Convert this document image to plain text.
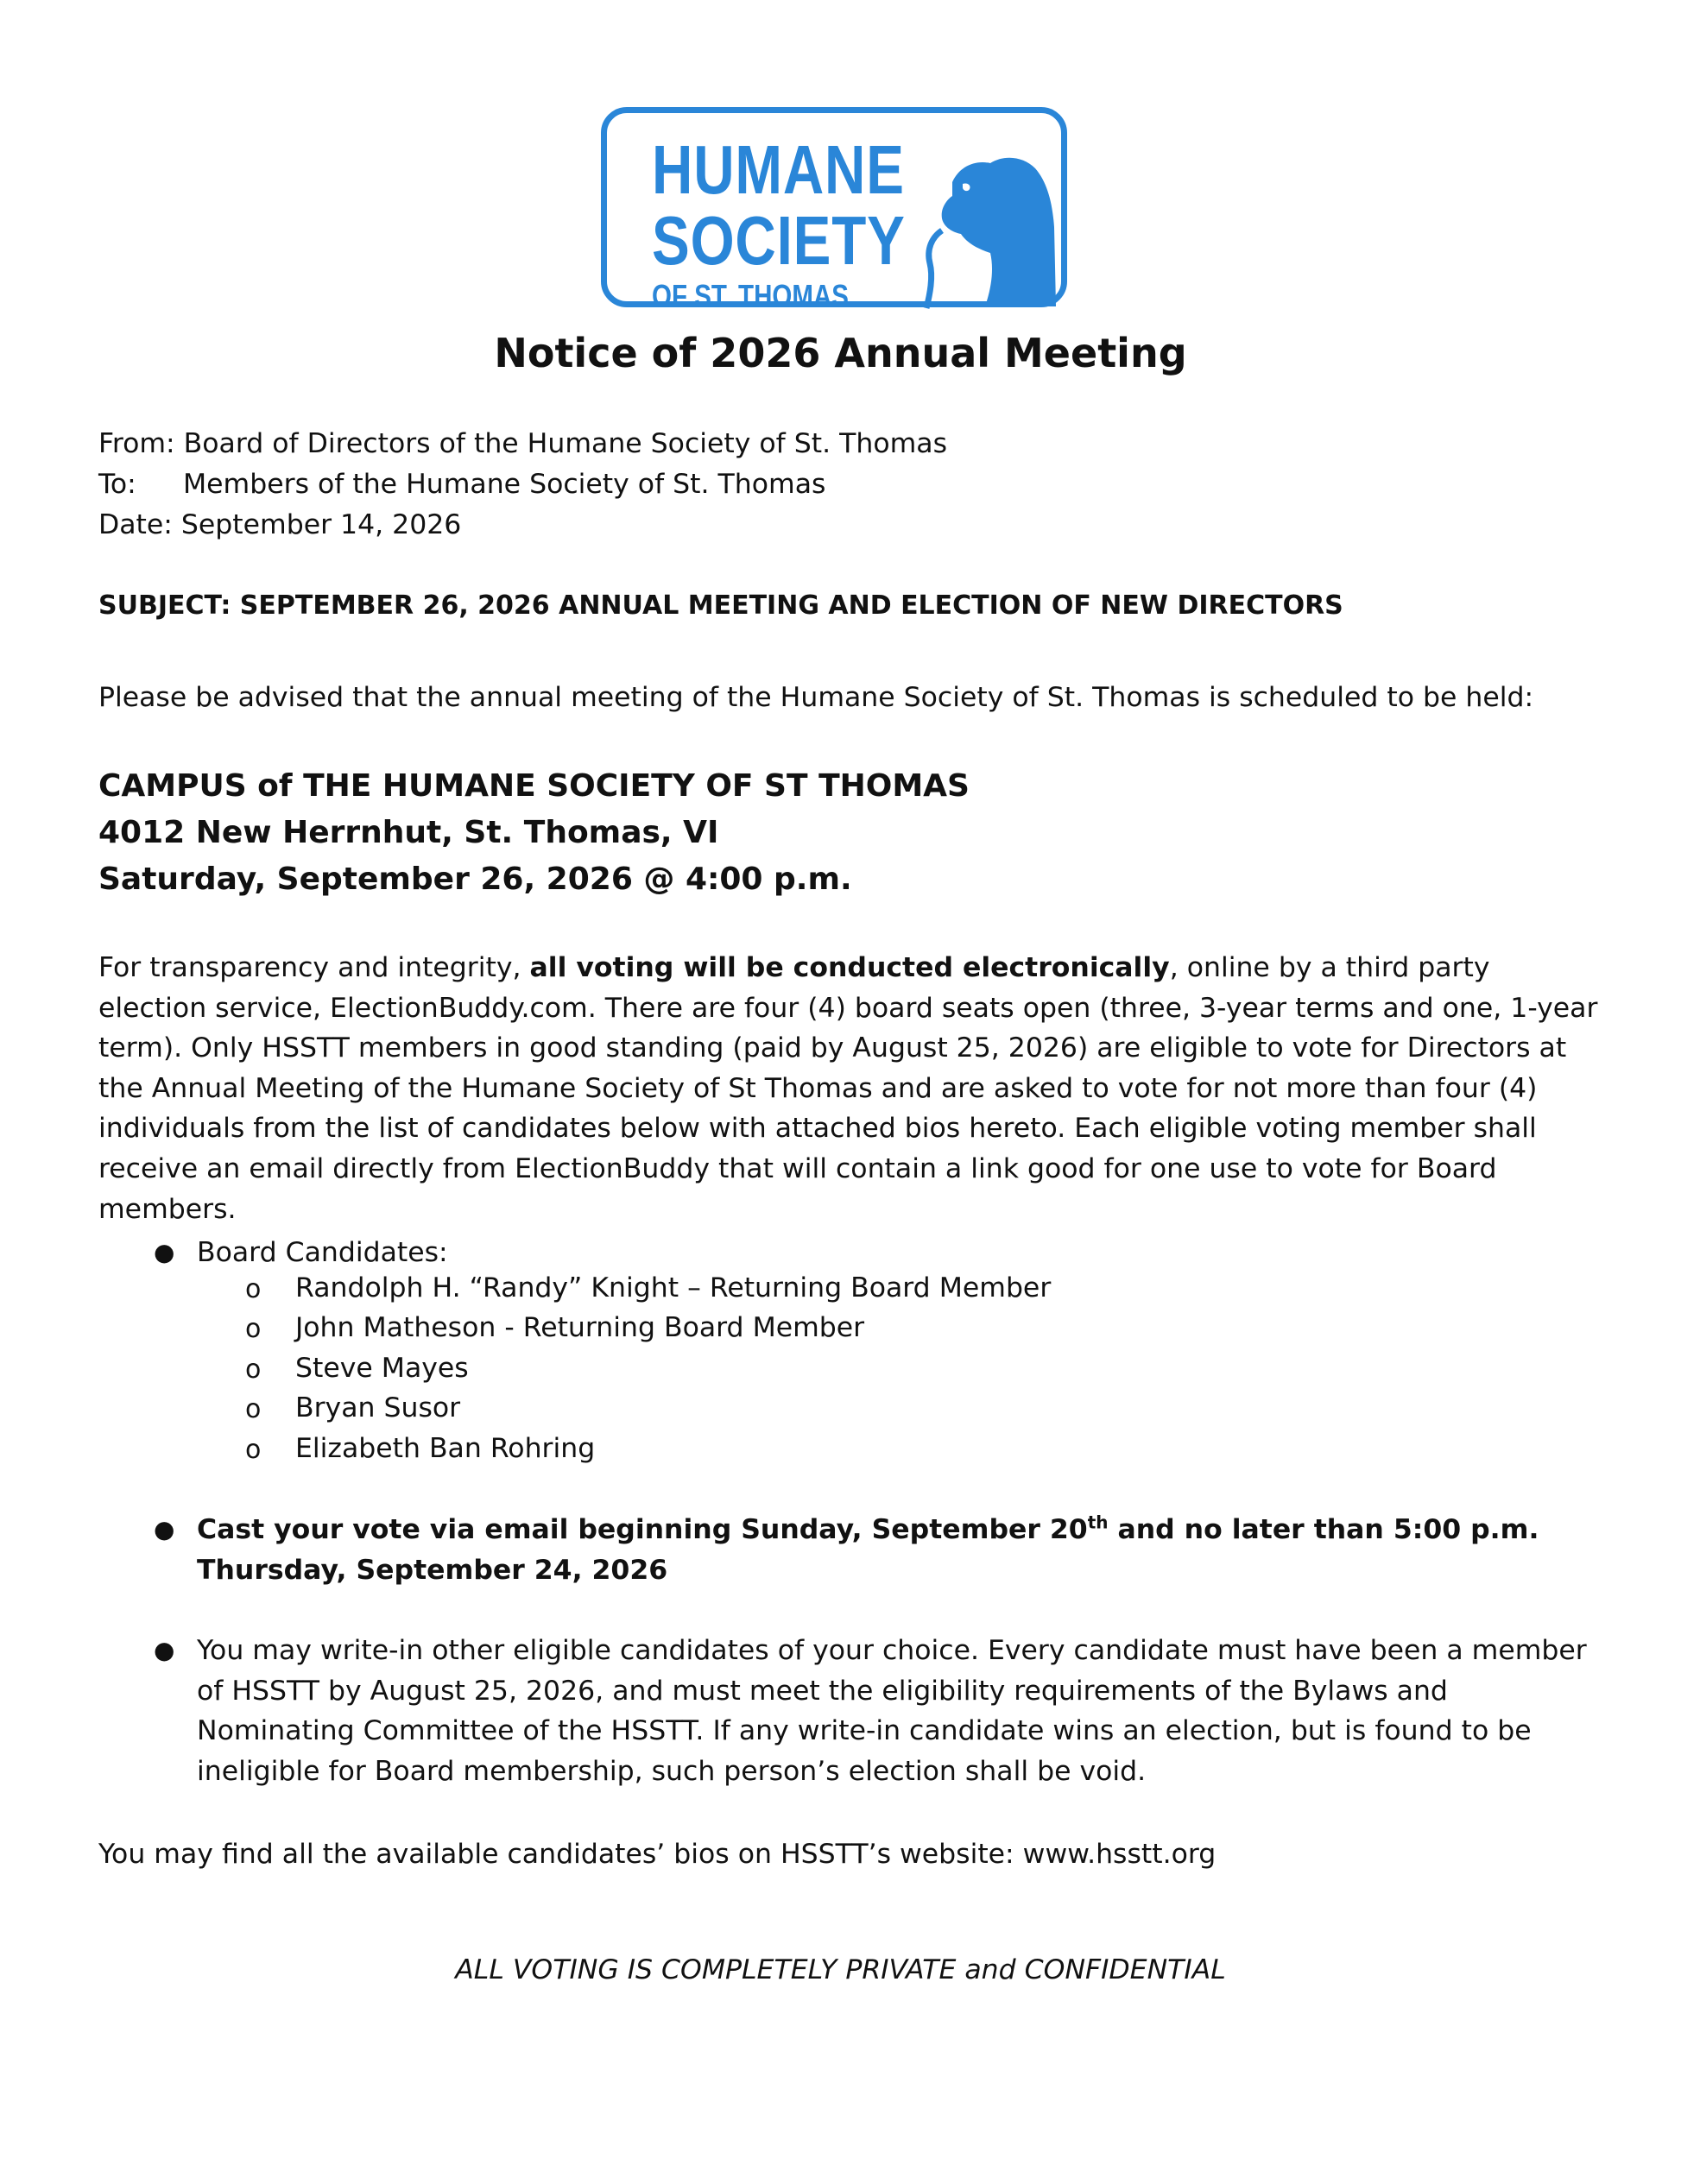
HUMANE
SOCIETY
OF ST. THOMAS
Notice of 2026 Annual Meeting
From: Board of Directors of the Humane Society of St. Thomas
To: Members of the Humane Society of St. Thomas
Date: September 14, 2026
SUBJECT: SEPTEMBER 26, 2026 ANNUAL MEETING AND ELECTION OF NEW DIRECTORS
Please be advised that the annual meeting of the Humane Society of St. Thomas is scheduled to be held:
CAMPUS of THE HUMANE SOCIETY OF ST THOMAS
4012 New Herrnhut, St. Thomas, VI
Saturday, September 26, 2026 @ 4:00 p.m.
For transparency and integrity, all voting will be conducted electronically, online by a third party election service, ElectionBuddy.com. There are four (4) board seats open (three, 3-year terms and one, 1-year term). Only HSSTT members in good standing (paid by August 25, 2026) are eligible to vote for Directors at the Annual Meeting of the Humane Society of St Thomas and are asked to vote for not more than four (4) individuals from the list of candidates below with attached bios hereto. Each eligible voting member shall receive an email directly from ElectionBuddy that will contain a link good for one use to vote for Board members.
● Board Candidates:
o Randolph H. “Randy” Knight – Returning Board Member
o John Matheson - Returning Board Member
o Steve Mayes
o Bryan Susor
o Elizabeth Ban Rohring
● Cast your vote via email beginning Sunday, September 20th and no later than 5:00 p.m. Thursday, September 24, 2026
● You may write-in other eligible candidates of your choice. Every candidate must have been a member of HSSTT by August 25, 2026, and must meet the eligibility requirements of the Bylaws and Nominating Committee of the HSSTT. If any write-in candidate wins an election, but is found to be ineligible for Board membership, such person’s election shall be void.
You may find all the available candidates’ bios on HSSTT’s website: www.hsstt.org
ALL VOTING IS COMPLETELY PRIVATE and CONFIDENTIAL
